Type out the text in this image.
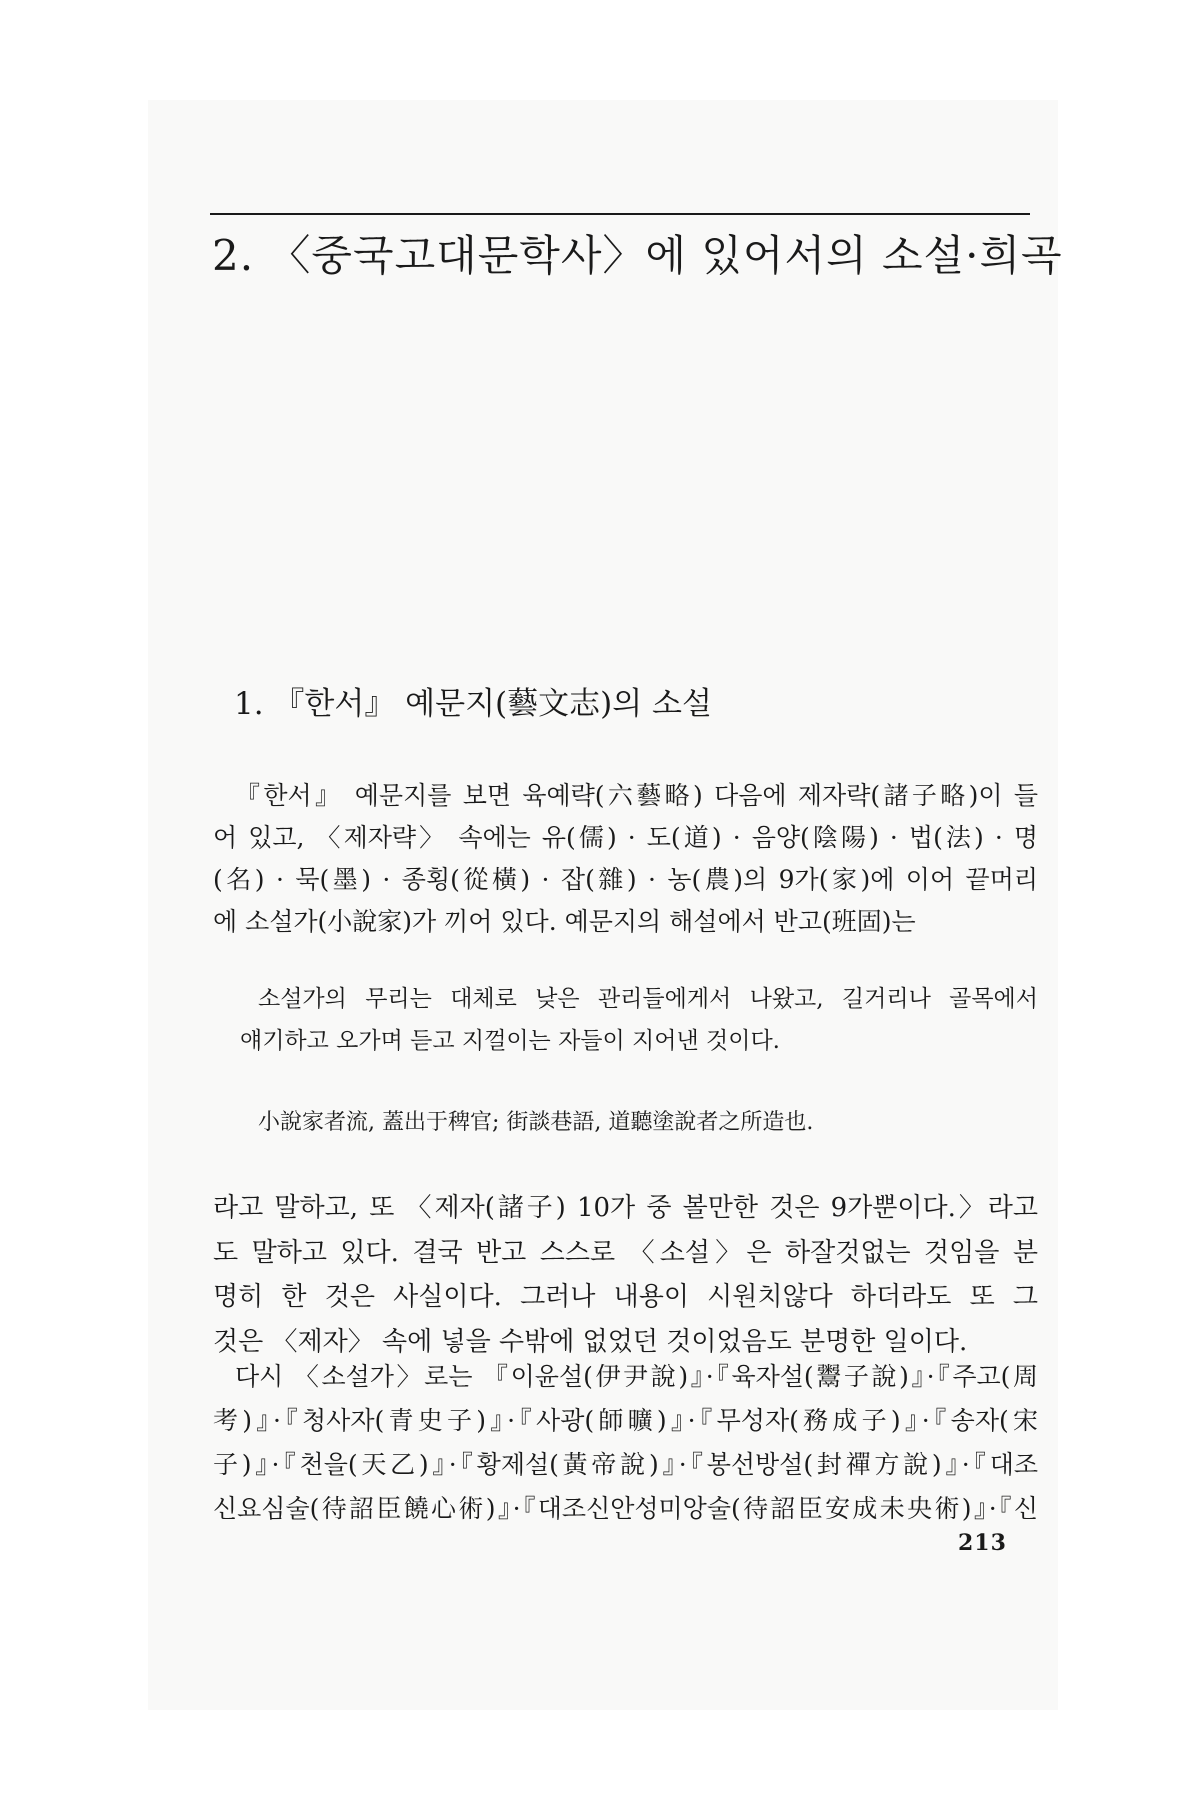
2. 〈중국고대문학사〉에 있어서의 소설·희곡
1. 『한서』 예문지(藝文志)의 소설
『한서』 예문지를 보면 육예략(六藝略) 다음에 제자략(諸子略)이 들
어 있고, 〈제자략〉 속에는 유(儒) · 도(道) · 음양(陰陽) · 법(法) · 명
(名) · 묵(墨) · 종횡(從橫) · 잡(雜) · 농(農)의 9가(家)에 이어 끝머리
에 소설가(小說家)가 끼어 있다. 예문지의 해설에서 반고(班固)는
소설가의 무리는 대체로 낮은 관리들에게서 나왔고, 길거리나 골목에서
얘기하고 오가며 듣고 지껄이는 자들이 지어낸 것이다.
小說家者流, 蓋出于稗官; 街談巷語, 道聽塗說者之所造也.
라고 말하고, 또 〈제자(諸子) 10가 중 볼만한 것은 9가뿐이다.〉라고
도 말하고 있다. 결국 반고 스스로 〈소설〉은 하잘것없는 것임을 분
명히 한 것은 사실이다. 그러나 내용이 시원치않다 하더라도 또 그
것은 〈제자〉 속에 넣을 수밖에 없었던 것이었음도 분명한 일이다.
다시 〈소설가〉로는 『이윤설(伊尹說)』·『육자설(鬻子說)』·『주고(周
考)』·『청사자(青史子)』·『사광(師曠)』·『무성자(務成子)』·『송자(宋
子)』·『천을(天乙)』·『황제설(黃帝說)』·『봉선방설(封禪方說)』·『대조
신요심술(待詔臣饒心術)』·『대조신안성미앙술(待詔臣安成未央術)』·『신
213
